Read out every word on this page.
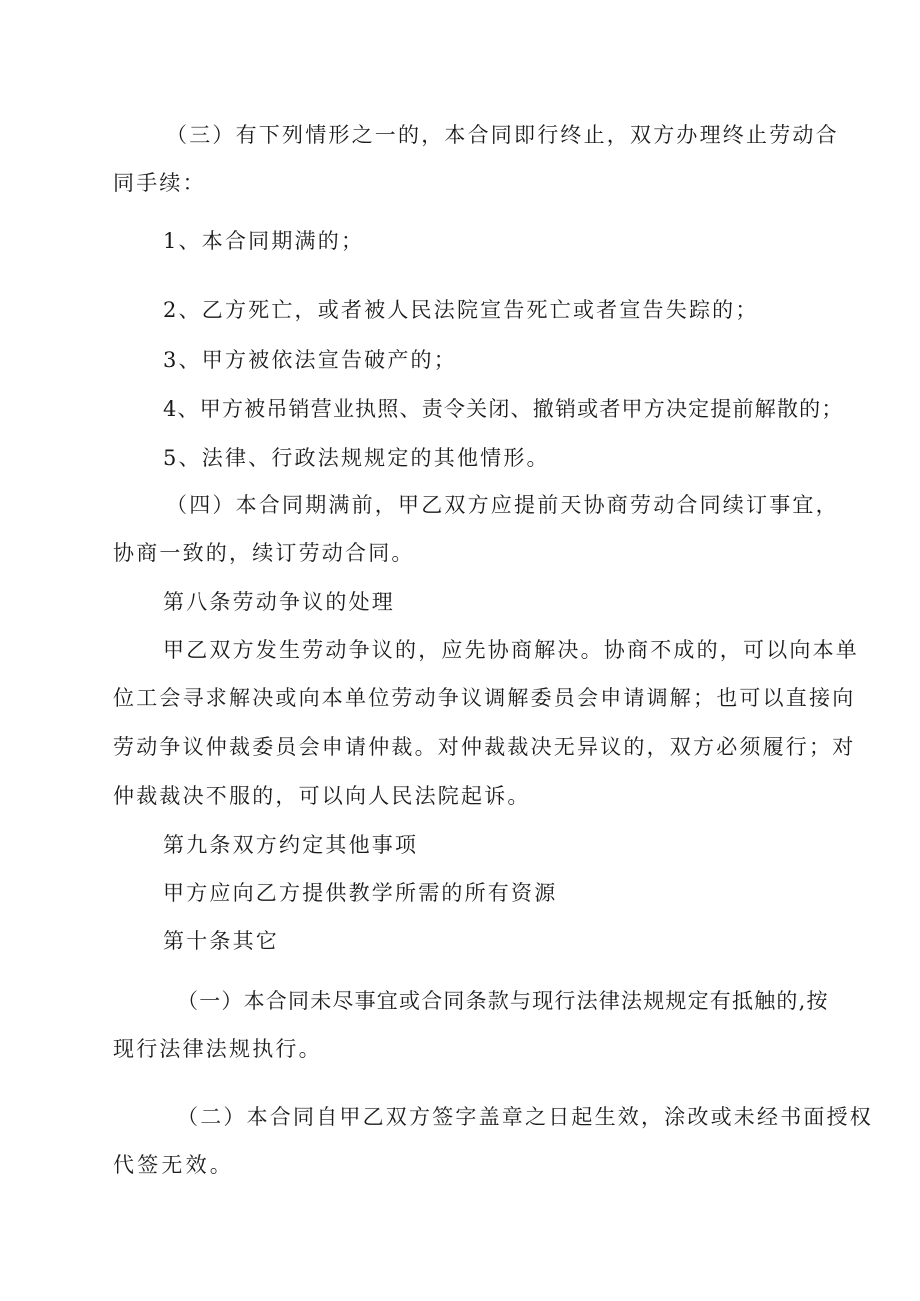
（三）有下列情形之一的，本合同即行终止，双方办理终止劳动合
同手续：
1、本合同期满的；
2、乙方死亡，或者被人民法院宣告死亡或者宣告失踪的；
3、甲方被依法宣告破产的；
4、甲方被吊销营业执照、责令关闭、撤销或者甲方决定提前解散的；
5、法律、行政法规规定的其他情形。
（四）本合同期满前，甲乙双方应提前天协商劳动合同续订事宜，
协商一致的，续订劳动合同。
第八条劳动争议的处理
甲乙双方发生劳动争议的，应先协商解决。协商不成的，可以向本单
位工会寻求解决或向本单位劳动争议调解委员会申请调解；也可以直接向
劳动争议仲裁委员会申请仲裁。对仲裁裁决无异议的，双方必须履行；对
仲裁裁决不服的，可以向人民法院起诉。
第九条双方约定其他事项
甲方应向乙方提供教学所需的所有资源
第十条其它
（一）本合同未尽事宜或合同条款与现行法律法规规定有抵触的,按
现行法律法规执行。
（二）本合同自甲乙双方签字盖章之日起生效，涂改或未经书面授权
代签无效。
